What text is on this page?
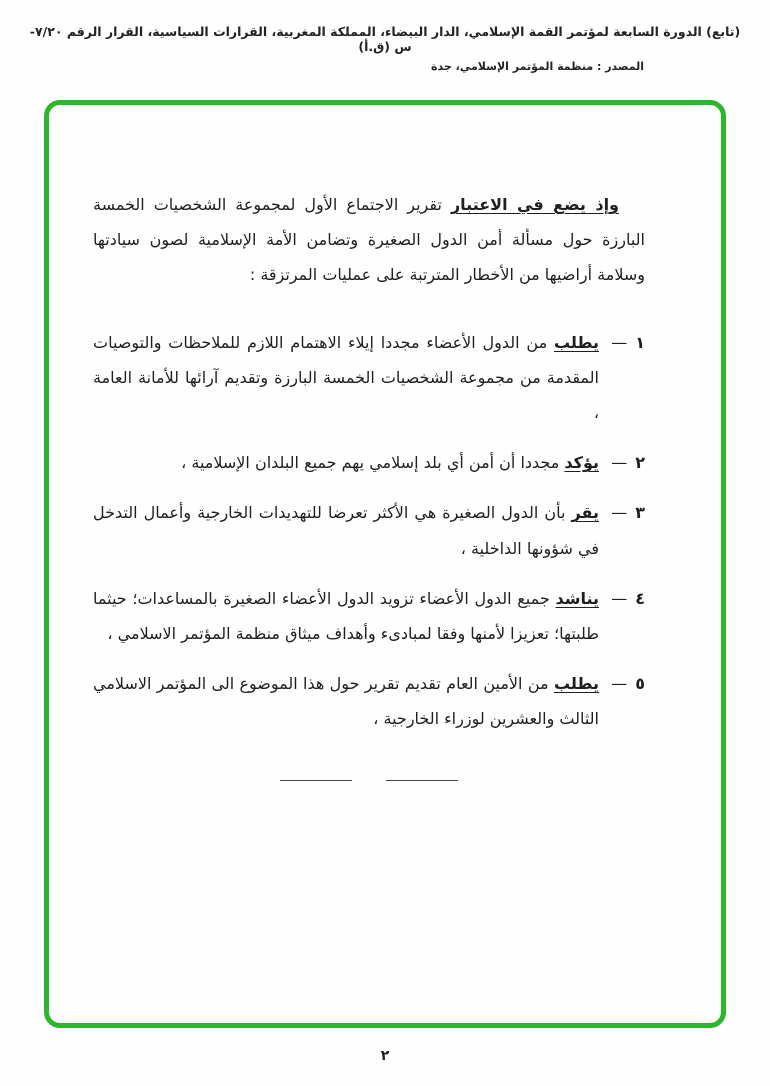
(تابع) الدورة السابعة لمؤتمر القمة الإسلامي، الدار البيضاء، المملكة المغربية، القرارات السياسية، القرار الرقم ٧/٢٠-س (ق.أ)
المصدر : منظمة المؤتمر الإسلامي، جدة

وإذ يضع في الاعتبار تقرير الاجتماع الأول لمجموعة الشخصيات الخمسة البارزة حول مسألة أمن الدول الصغيرة وتضامن الأمة الإسلامية لصون سيادتها وسلامة أراضيها من الأخطار المترتبة على عمليات المرتزقة :

١—
يطلب من الدول الأعضاء مجددا إيلاء الاهتمام اللازم للملاحظات والتوصيات المقدمة من مجموعة الشخصيات الخمسة البارزة وتقديم آرائها للأمانة العامة ،
٢—
يؤكد مجددا أن أمن أي بلد إسلامي يهم جميع البلدان الإسلامية ،
٣—
يقر بأن الدول الصغيرة هي الأكثر تعرضا للتهديدات الخارجية وأعمال التدخل في شؤونها الداخلية ،
٤—
يناشد جميع الدول الأعضاء تزويد الدول الأعضاء الصغيرة بالمساعدات؛ حيثما طلبتها؛ تعزيزا لأمنها وفقا لمبادىء وأهداف ميثاق منظمة المؤتمر الاسلامي ،
٥—
يطلب من الأمين العام تقديم تقرير حول هذا الموضوع الى المؤتمر الاسلامي الثالث والعشرين لوزراء الخارجية ،
٢
